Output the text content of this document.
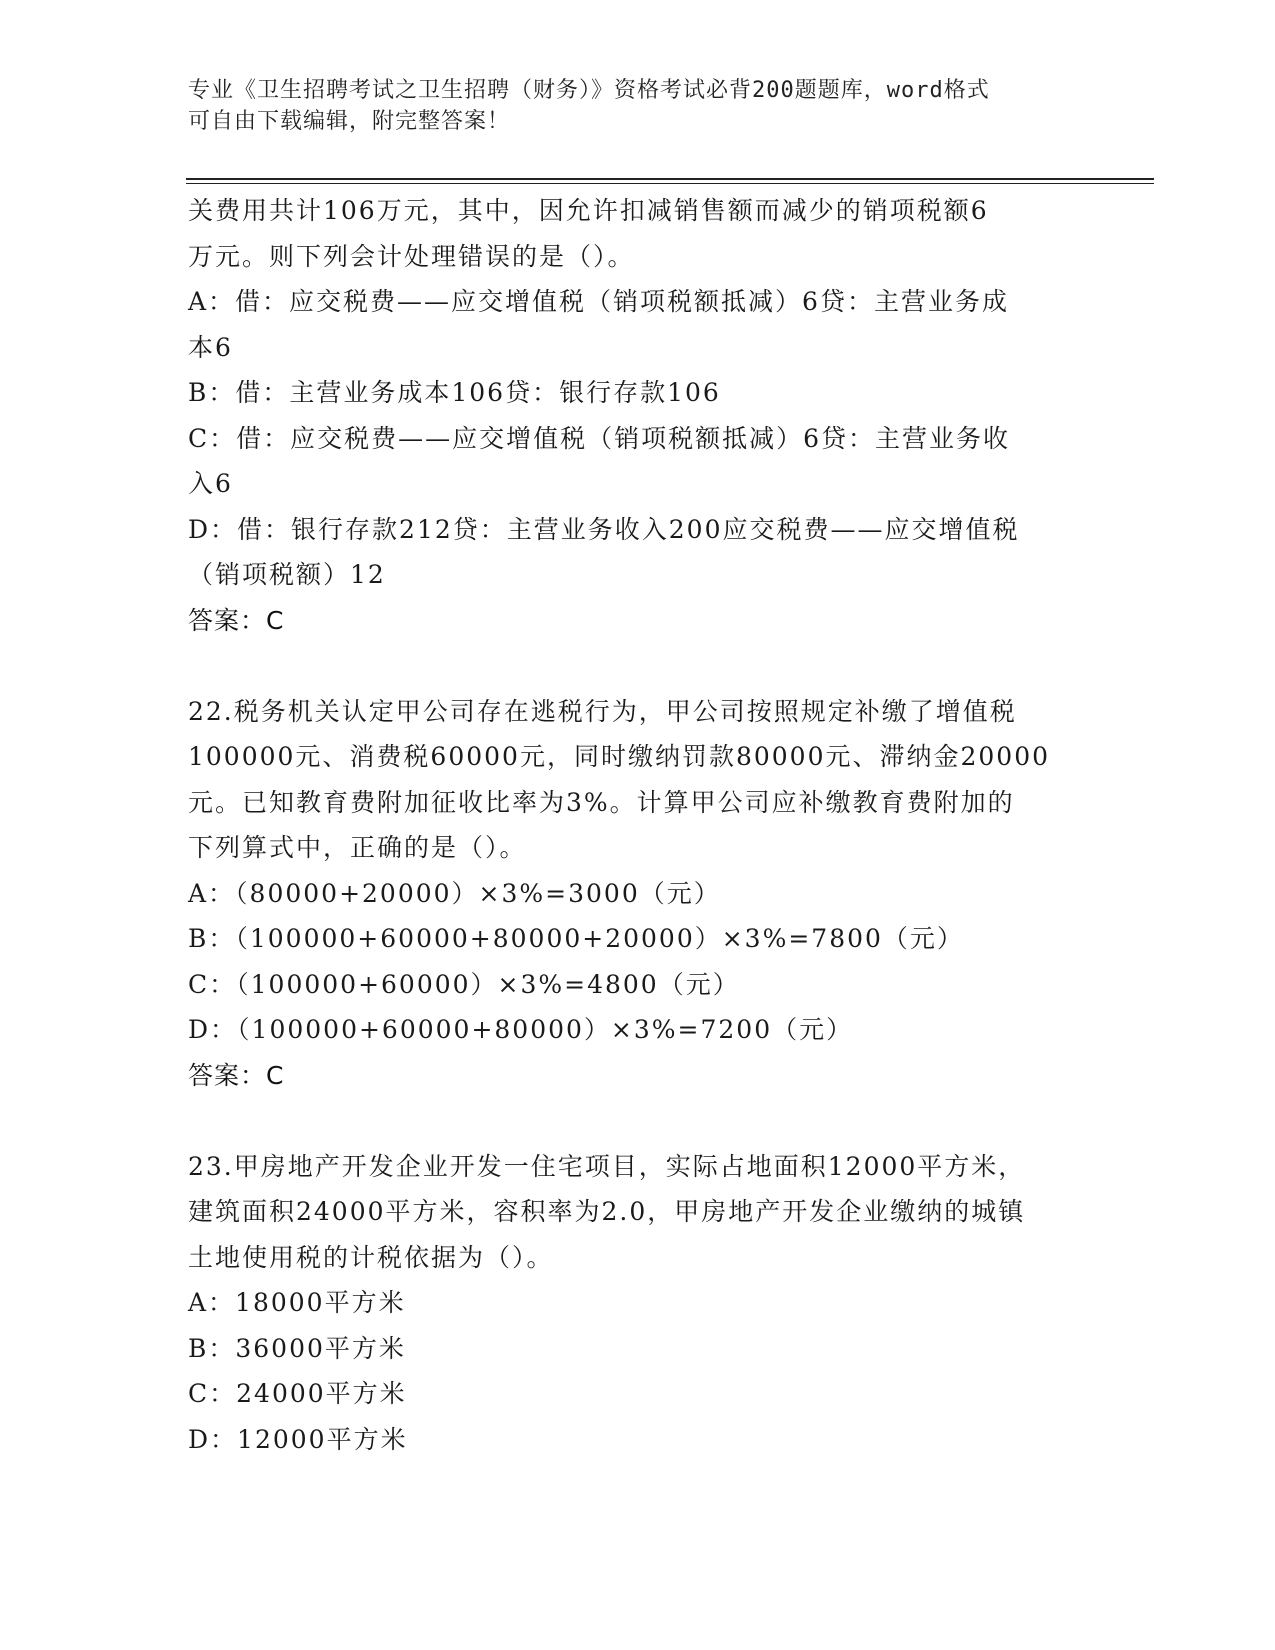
专业《卫生招聘考试之卫生招聘（财务）》资格考试必背200题题库，word格式
可自由下载编辑，附完整答案！
关费用共计106万元，其中，因允许扣减销售额而减少的销项税额6
万元。则下列会计处理错误的是（）。
A：借：应交税费——应交增值税（销项税额抵减）6贷：主营业务成
本6
B：借：主营业务成本106贷：银行存款106
C：借：应交税费——应交增值税（销项税额抵减）6贷：主营业务收
入6
D：借：银行存款212贷：主营业务收入200应交税费——应交增值税
（销项税额）12
答案：C
22.税务机关认定甲公司存在逃税行为，甲公司按照规定补缴了增值税
100000元、消费税60000元，同时缴纳罚款80000元、滞纳金20000
元。已知教育费附加征收比率为3%。计算甲公司应补缴教育费附加的
下列算式中，正确的是（）。
A：（80000+20000）×3%=3000（元）
B：（100000+60000+80000+20000）×3%=7800（元）
C：（100000+60000）×3%=4800（元）
D：（100000+60000+80000）×3%=7200（元）
答案：C
23.甲房地产开发企业开发一住宅项目，实际占地面积12000平方米，
建筑面积24000平方米，容积率为2.0，甲房地产开发企业缴纳的城镇
土地使用税的计税依据为（）。
A：18000平方米
B：36000平方米
C：24000平方米
D：12000平方米
